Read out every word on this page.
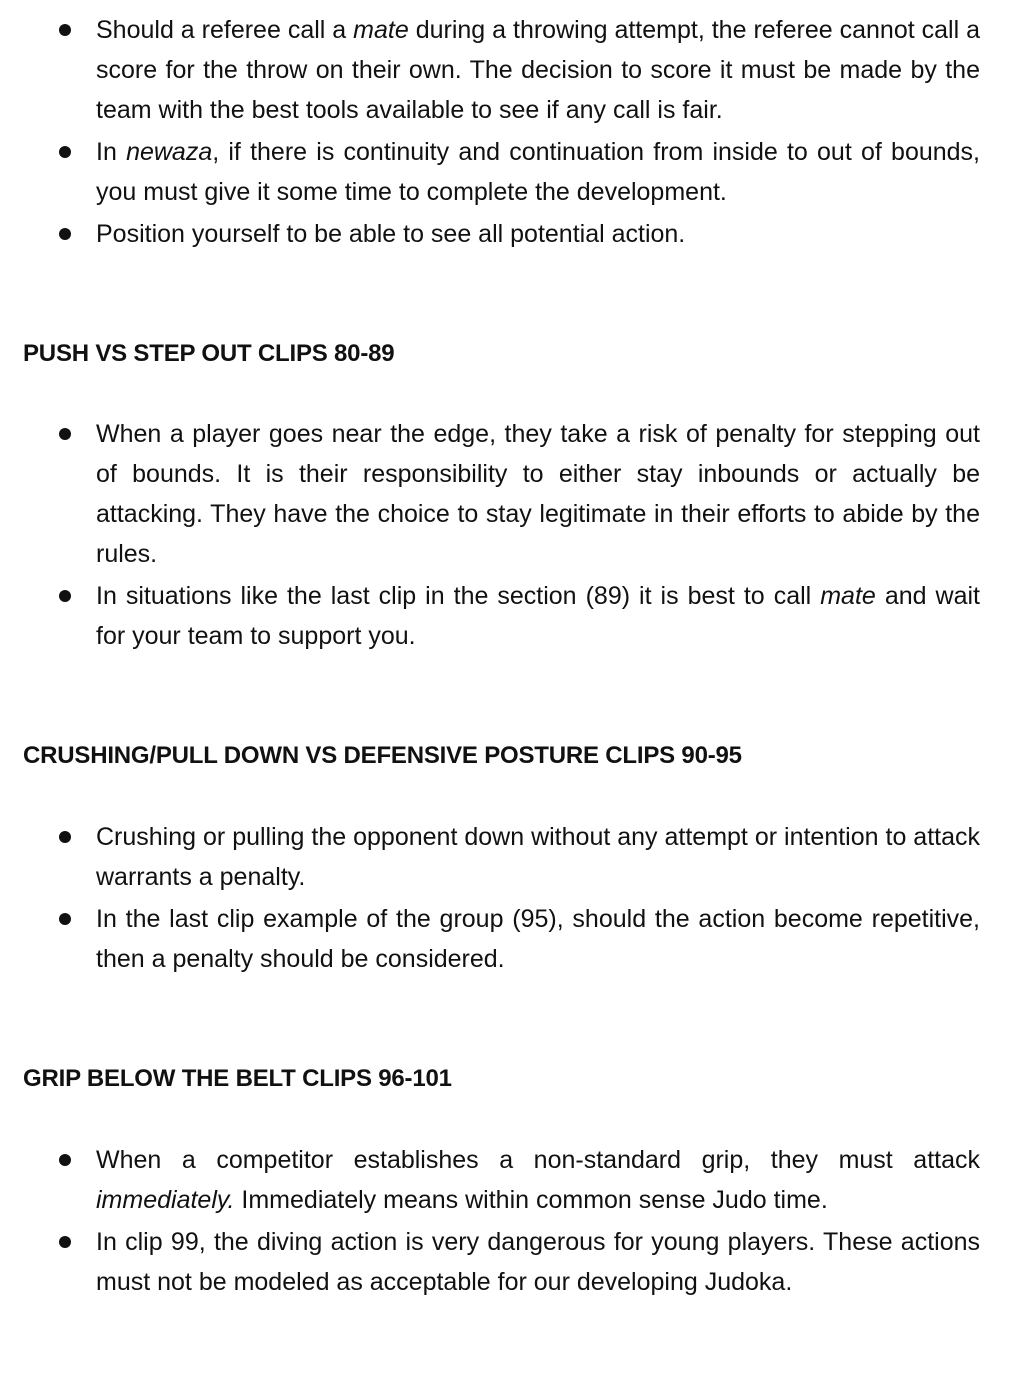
Should a referee call a mate during a throwing attempt, the referee cannot call a score for the throw on their own. The decision to score it must be made by the team with the best tools available to see if any call is fair.
In newaza, if there is continuity and continuation from inside to out of bounds, you must give it some time to complete the development.
Position yourself to be able to see all potential action.
PUSH VS STEP OUT CLIPS 80-89
When a player goes near the edge, they take a risk of penalty for stepping out of bounds. It is their responsibility to either stay inbounds or actually be attacking. They have the choice to stay legitimate in their efforts to abide by the rules.
In situations like the last clip in the section (89) it is best to call mate and wait for your team to support you.
CRUSHING/PULL DOWN VS DEFENSIVE POSTURE CLIPS 90-95
Crushing or pulling the opponent down without any attempt or intention to attack warrants a penalty.
In the last clip example of the group (95), should the action become repetitive, then a penalty should be considered.
GRIP BELOW THE BELT CLIPS 96-101
When a competitor establishes a non-standard grip, they must attack immediately. Immediately means within common sense Judo time.
In clip 99, the diving action is very dangerous for young players. These actions must not be modeled as acceptable for our developing Judoka.
